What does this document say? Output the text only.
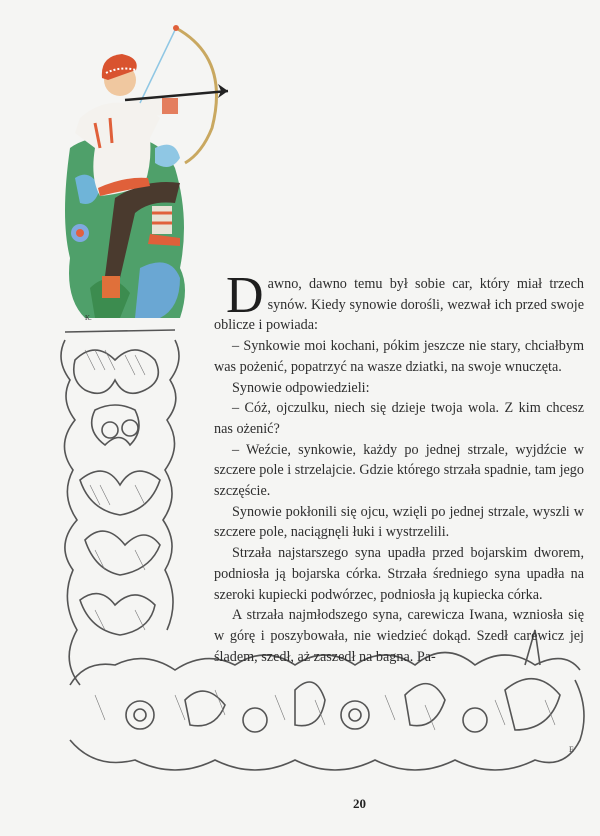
K.
E

Dawno, dawno temu był sobie car, który miał trzech synów. Kiedy synowie dorośli, wezwał ich przed swoje oblicze i powiada:

– Synkowie moi kochani, pókim jeszcze nie stary, chciałbym was pożenić, popatrzyć na wasze dziatki, na swoje wnuczęta.

Synowie odpowiedzieli:

– Cóż, ojczulku, niech się dzieje twoja wola. Z kim chcesz nas ożenić?

– Weźcie, synkowie, każdy po jednej strzale, wyjdźcie w szczere pole i strzelajcie. Gdzie którego strzała spadnie, tam jego szczęście.

Synowie pokłonili się ojcu, wzięli po jednej strzale, wyszli w szczere pole, naciągnęli łuki i wystrzelili.

Strzała najstarszego syna upadła przed bojarskim dworem, podniosła ją bojarska córka. Strzała średniego syna upadła na szeroki kupiecki podwórzec, podniosła ją kupiecka córka.

A strzała najmłodszego syna, carewicza Iwana, wzniosła się w górę i poszybowała, nie wiedzieć dokąd. Szedł carewicz jej śladem, szedł, aż zaszedł na bagna. Pa-

20
